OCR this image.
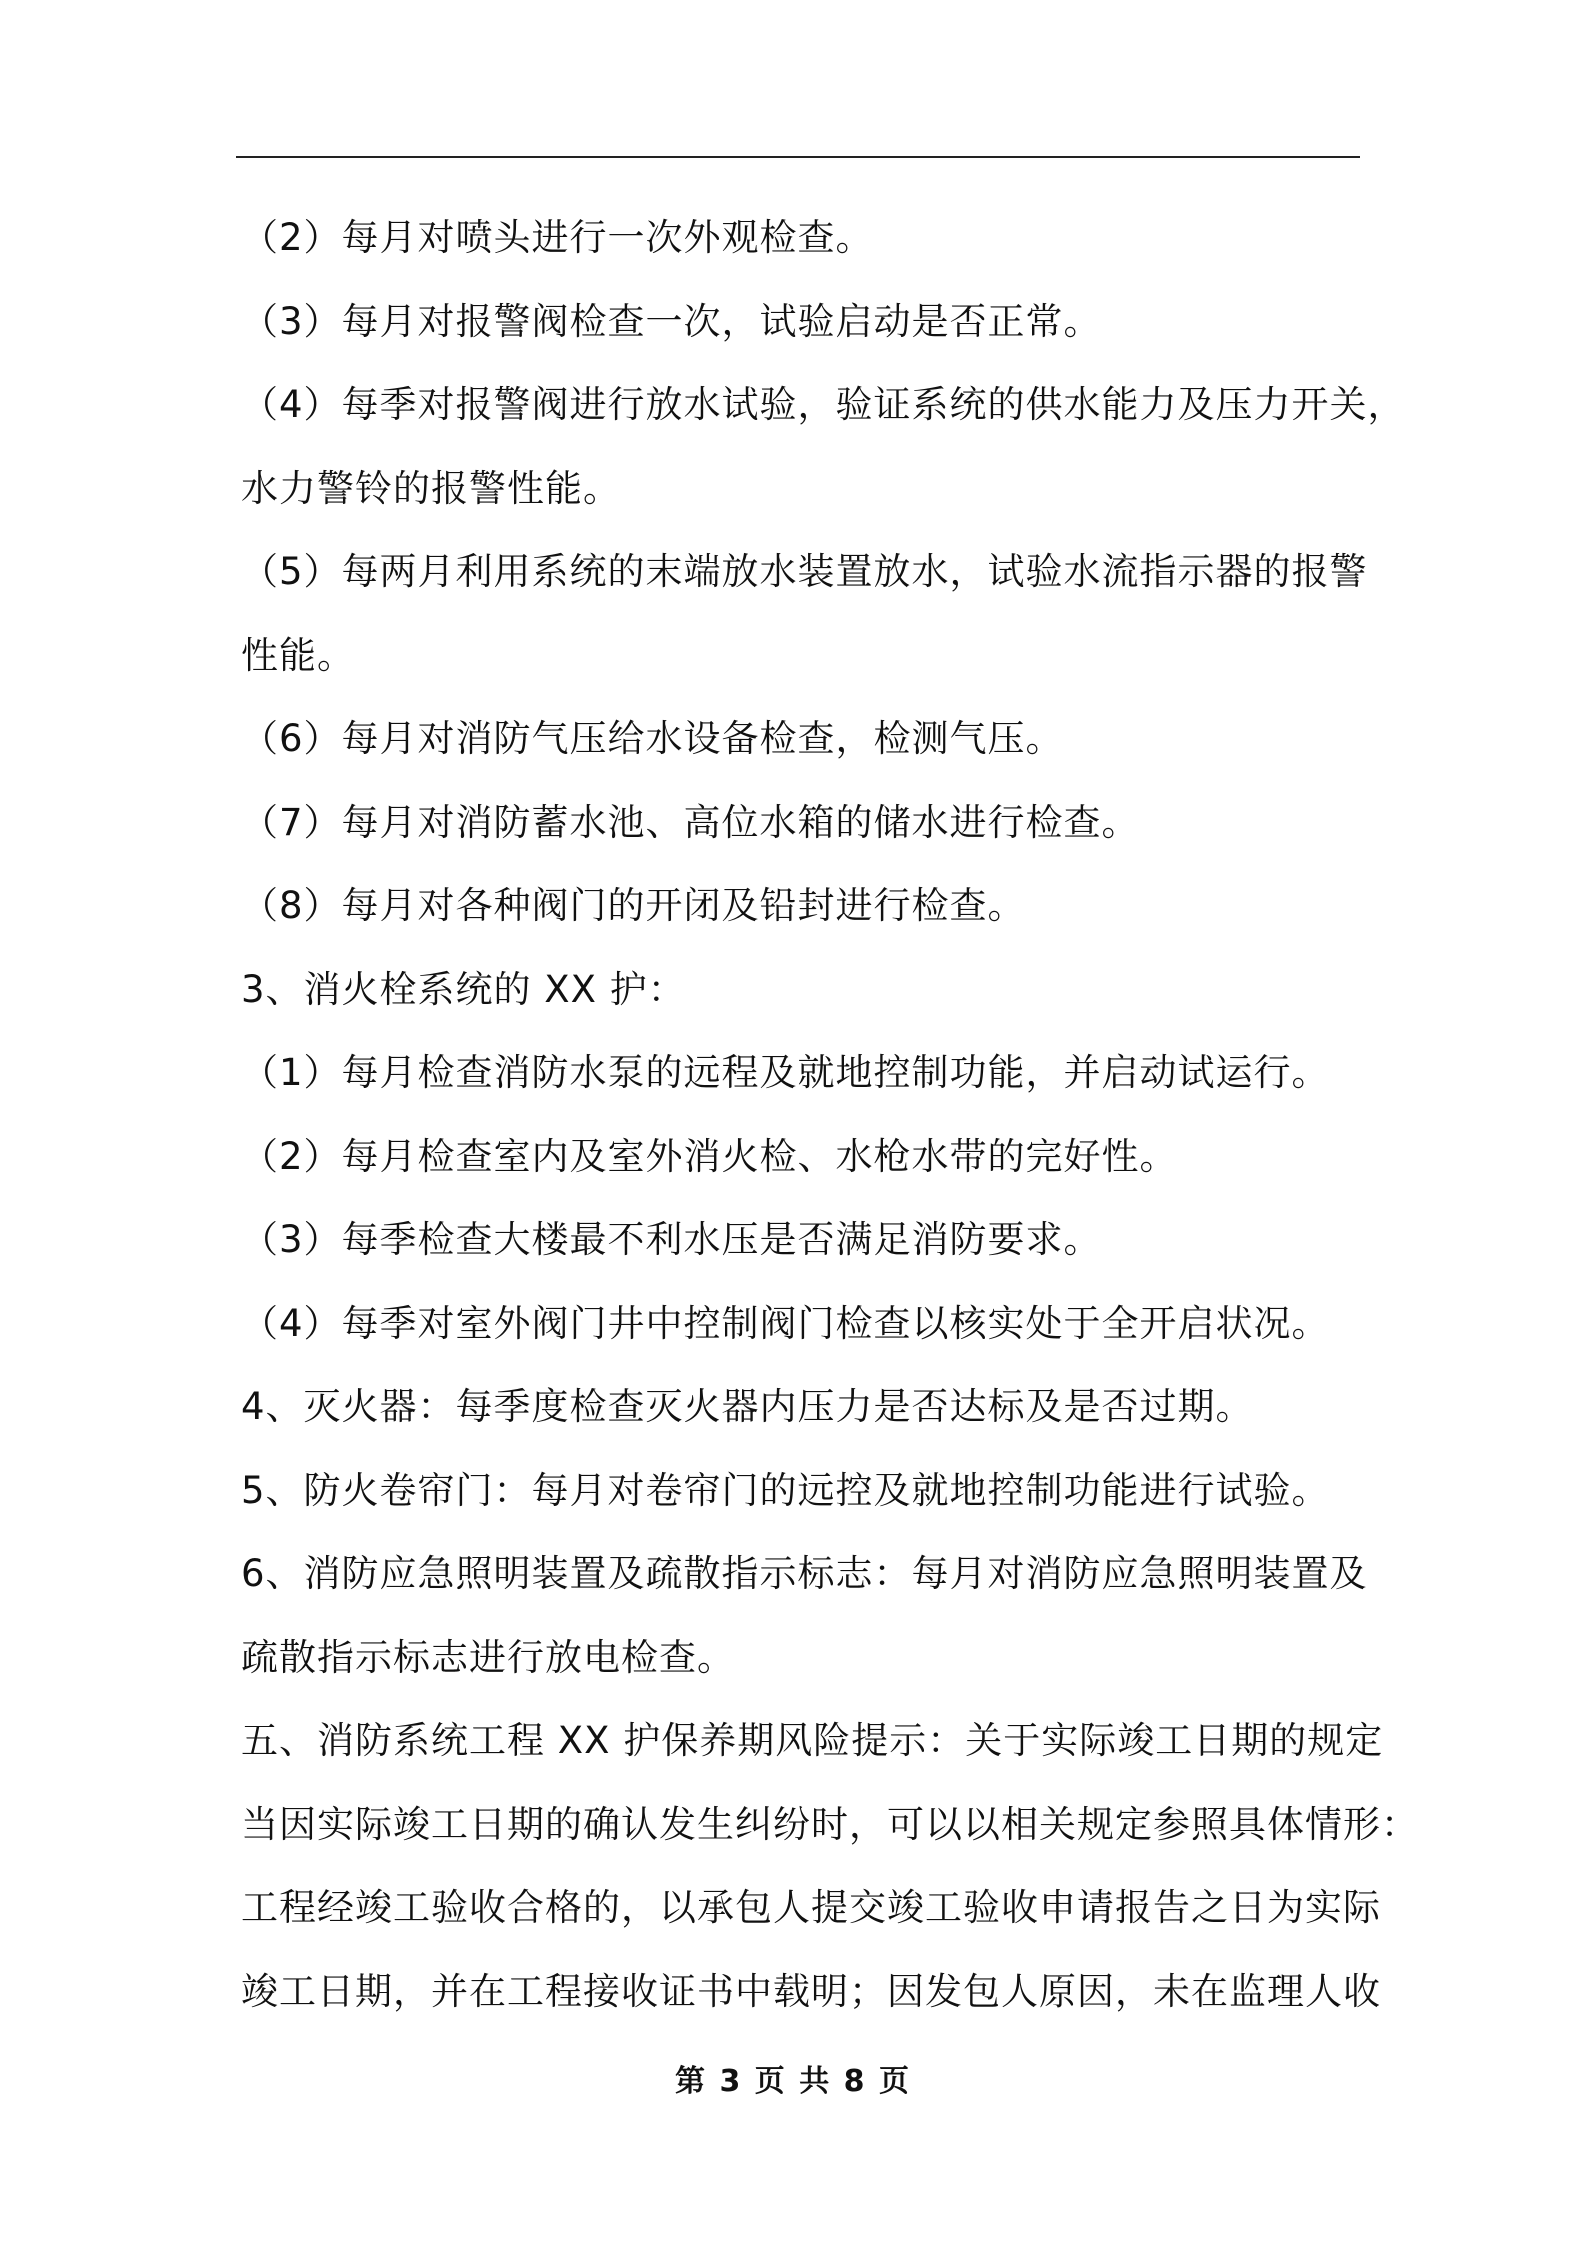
（2）每月对喷头进行一次外观检查。

（3）每月对报警阀检查一次，试验启动是否正常。

（4）每季对报警阀进行放水试验，验证系统的供水能力及压力开关，

水力警铃的报警性能。

（5）每两月利用系统的末端放水装置放水，试验水流指示器的报警

性能。

（6）每月对消防气压给水设备检查，检测气压。

（7）每月对消防蓄水池、高位水箱的储水进行检查。

（8）每月对各种阀门的开闭及铅封进行检查。

3、消火栓系统的 XX 护：

（1）每月检查消防水泵的远程及就地控制功能，并启动试运行。

（2）每月检查室内及室外消火检、水枪水带的完好性。

（3）每季检查大楼最不利水压是否满足消防要求。

（4）每季对室外阀门井中控制阀门检查以核实处于全开启状况。

4、灭火器：每季度检查灭火器内压力是否达标及是否过期。

5、防火卷帘门：每月对卷帘门的远控及就地控制功能进行试验。

6、消防应急照明装置及疏散指示标志：每月对消防应急照明装置及

疏散指示标志进行放电检查。

五、消防系统工程 XX 护保养期风险提示：关于实际竣工日期的规定

当因实际竣工日期的确认发生纠纷时，可以以相关规定参照具体情形：

工程经竣工验收合格的，以承包人提交竣工验收申请报告之日为实际

竣工日期，并在工程接收证书中载明；因发包人原因，未在监理人收

第 3 页 共 8 页
